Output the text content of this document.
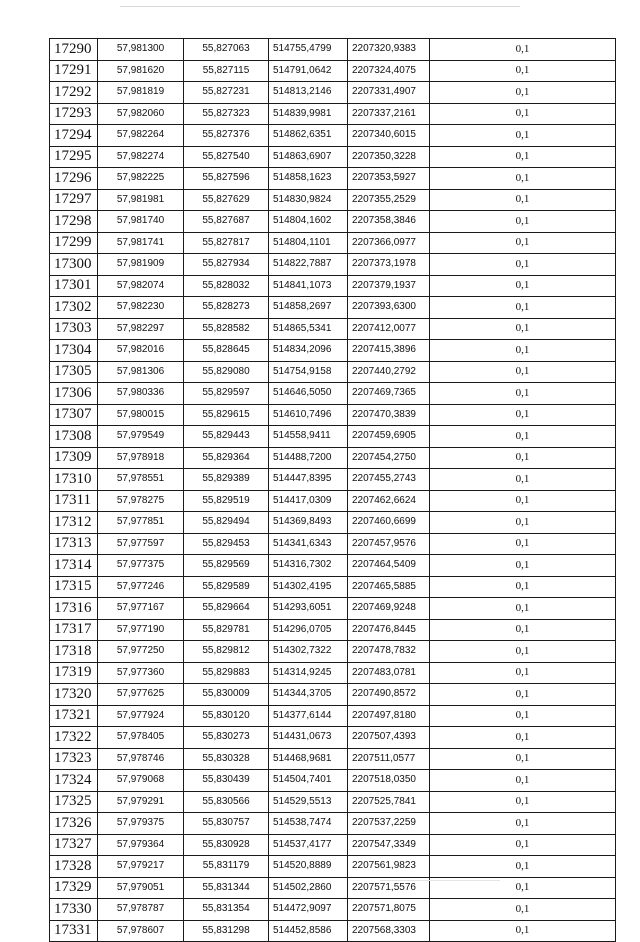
17290	57,981300	55,827063	514755,4799	2207320,9383	0,1
17291	57,981620	55,827115	514791,0642	2207324,4075	0,1
17292	57,981819	55,827231	514813,2146	2207331,4907	0,1
17293	57,982060	55,827323	514839,9981	2207337,2161	0,1
17294	57,982264	55,827376	514862,6351	2207340,6015	0,1
17295	57,982274	55,827540	514863,6907	2207350,3228	0,1
17296	57,982225	55,827596	514858,1623	2207353,5927	0,1
17297	57,981981	55,827629	514830,9824	2207355,2529	0,1
17298	57,981740	55,827687	514804,1602	2207358,3846	0,1
17299	57,981741	55,827817	514804,1101	2207366,0977	0,1
17300	57,981909	55,827934	514822,7887	2207373,1978	0,1
17301	57,982074	55,828032	514841,1073	2207379,1937	0,1
17302	57,982230	55,828273	514858,2697	2207393,6300	0,1
17303	57,982297	55,828582	514865,5341	2207412,0077	0,1
17304	57,982016	55,828645	514834,2096	2207415,3896	0,1
17305	57,981306	55,829080	514754,9158	2207440,2792	0,1
17306	57,980336	55,829597	514646,5050	2207469,7365	0,1
17307	57,980015	55,829615	514610,7496	2207470,3839	0,1
17308	57,979549	55,829443	514558,9411	2207459,6905	0,1
17309	57,978918	55,829364	514488,7200	2207454,2750	0,1
17310	57,978551	55,829389	514447,8395	2207455,2743	0,1
17311	57,978275	55,829519	514417,0309	2207462,6624	0,1
17312	57,977851	55,829494	514369,8493	2207460,6699	0,1
17313	57,977597	55,829453	514341,6343	2207457,9576	0,1
17314	57,977375	55,829569	514316,7302	2207464,5409	0,1
17315	57,977246	55,829589	514302,4195	2207465,5885	0,1
17316	57,977167	55,829664	514293,6051	2207469,9248	0,1
17317	57,977190	55,829781	514296,0705	2207476,8445	0,1
17318	57,977250	55,829812	514302,7322	2207478,7832	0,1
17319	57,977360	55,829883	514314,9245	2207483,0781	0,1
17320	57,977625	55,830009	514344,3705	2207490,8572	0,1
17321	57,977924	55,830120	514377,6144	2207497,8180	0,1
17322	57,978405	55,830273	514431,0673	2207507,4393	0,1
17323	57,978746	55,830328	514468,9681	2207511,0577	0,1
17324	57,979068	55,830439	514504,7401	2207518,0350	0,1
17325	57,979291	55,830566	514529,5513	2207525,7841	0,1
17326	57,979375	55,830757	514538,7474	2207537,2259	0,1
17327	57,979364	55,830928	514537,4177	2207547,3349	0,1
17328	57,979217	55,831179	514520,8889	2207561,9823	0,1
17329	57,979051	55,831344	514502,2860	2207571,5576	0,1
17330	57,978787	55,831354	514472,9097	2207571,8075	0,1
17331	57,978607	55,831298	514452,8586	2207568,3303	0,1
